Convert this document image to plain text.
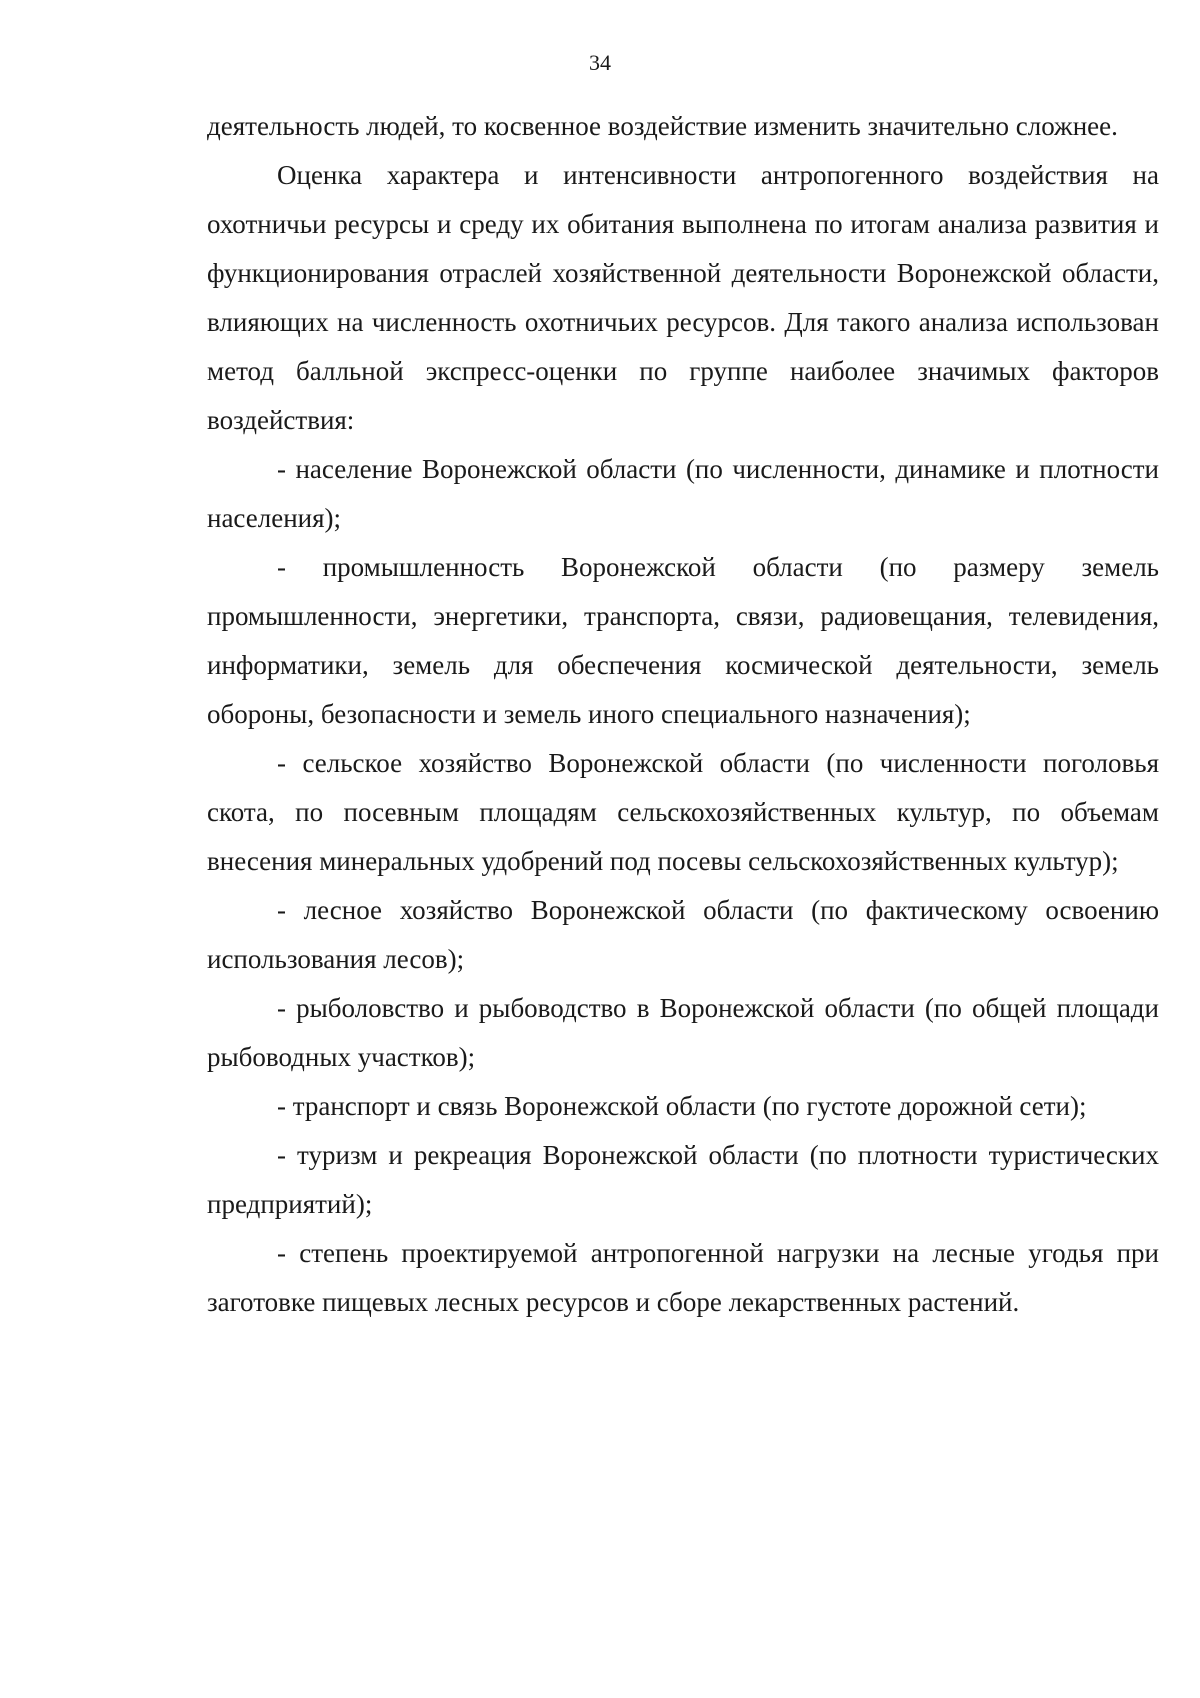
34

деятельность людей, то косвенное воздействие изменить значительно сложнее.

Оценка характера и интенсивности антропогенного воздействия на охотничьи ресурсы и среду их обитания выполнена по итогам анализа развития и функционирования отраслей хозяйственной деятельности Воронежской области, влияющих на численность охотничьих ресурсов. Для такого анализа использован метод балльной экспресс-оценки по группе наиболее значимых факторов воздействия:

- население Воронежской области (по численности, динамике и плотности населения);

- промышленность Воронежской области (по размеру земель промышленности, энергетики, транспорта, связи, радиовещания, телевидения, информатики, земель для обеспечения космической деятельности, земель обороны, безопасности и земель иного специального назначения);

- сельское хозяйство Воронежской области (по численности поголовья скота, по посевным площадям сельскохозяйственных культур, по объемам внесения минеральных удобрений под посевы сельскохозяйственных культур);

- лесное хозяйство Воронежской области (по фактическому освоению использования лесов);

- рыболовство и рыбоводство в Воронежской области (по общей площади рыбоводных участков);

- транспорт и связь Воронежской области (по густоте дорожной сети);

- туризм и рекреация Воронежской области (по плотности туристических предприятий);

- степень проектируемой антропогенной нагрузки на лесные угодья при заготовке пищевых лесных ресурсов и сборе лекарственных растений.
